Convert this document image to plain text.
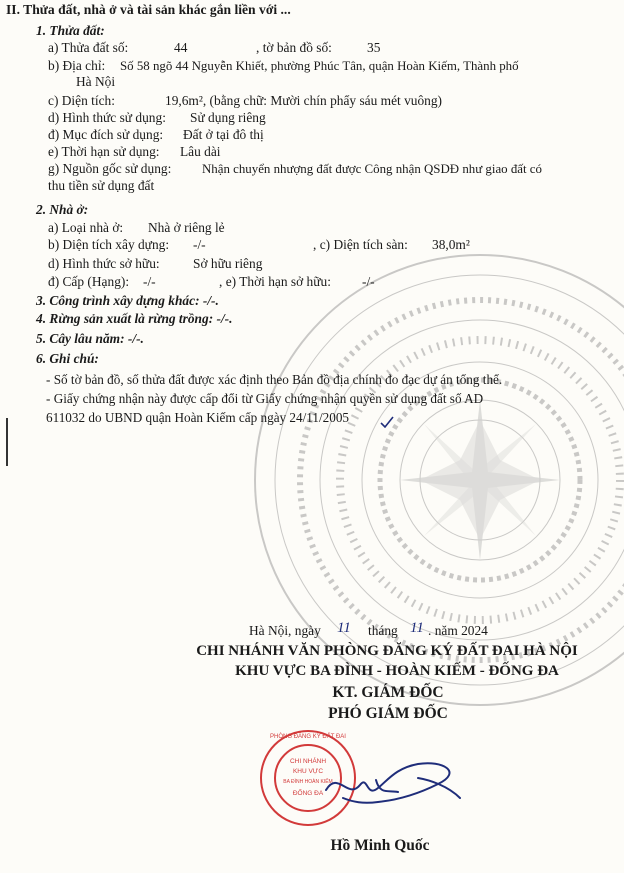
II. Thửa đất, nhà ở và tài sản khác gắn liền với ...
1. Thửa đất:
a) Thửa đất số:	44	, tờ bản đồ số:	35
b) Địa chỉ: Số 58 ngõ 44 Nguyễn Khiết, phường Phúc Tân, quận Hoàn Kiếm, Thành phố
Hà Nội
c) Diện tích:	19,6m², (bằng chữ: Mười chín phẩy sáu mét vuông)
d) Hình thức sử dụng: Sử dụng riêng
đ) Mục đích sử dụng: Đất ở tại đô thị
e) Thời hạn sử dụng: Lâu dài
g) Nguồn gốc sử dụng: Nhận chuyển nhượng đất được Công nhận QSDĐ như giao đất có
thu tiền sử dụng đất
2. Nhà ở:
a) Loại nhà ở: Nhà ở riêng lẻ
b) Diện tích xây dựng: -/-	, c) Diện tích sàn: 38,0m²
d) Hình thức sở hữu: Sở hữu riêng
đ) Cấp (Hạng): -/-	, e) Thời hạn sở hữu: -/-
3. Công trình xây dựng khác: -/-.
4. Rừng sản xuất là rừng trồng: -/-.
5. Cây lâu năm: -/-.
6. Ghi chú:
- Số tờ bản đồ, số thửa đất được xác định theo Bản đồ địa chính đo đạc dự án tổng thể.
- Giấy chứng nhận này được cấp đổi từ Giấy chứng nhận quyền sử dụng đất số AD
611032 do UBND quận Hoàn Kiếm cấp ngày 24/11/2005
Hà Nội, ngày 11 tháng 11 . năm 2024
CHI NHÁNH VĂN PHÒNG ĐĂNG KÝ ĐẤT ĐAI HÀ NỘI
KHU VỰC BA ĐÌNH - HOÀN KIẾM - ĐỐNG ĐA
KT. GIÁM ĐỐC
PHÓ GIÁM ĐỐC
CHI NHÁNH
KHU VỰC
BA ĐÌNH HOÀN KIẾM
ĐỐNG ĐA
PHÒNG ĐĂNG KÝ ĐẤT ĐAI
Hồ Minh Quốc
